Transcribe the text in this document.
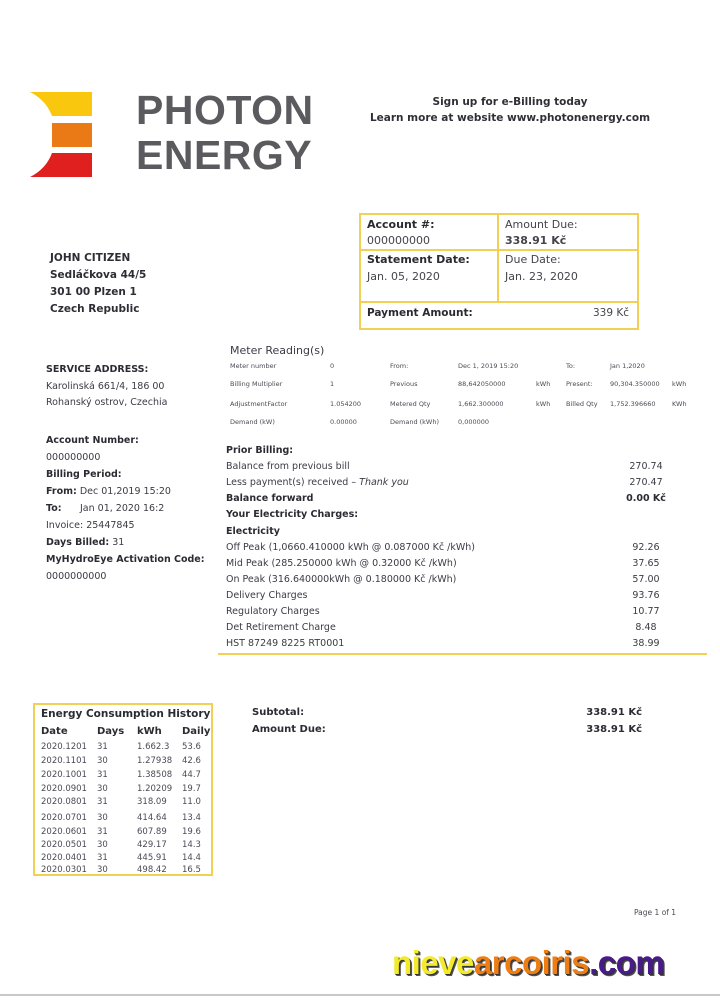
PHOTON
ENERGY
Sign up for e-Billing today
Learn more at website www.photonenergy.com
Account #:
000000000
Amount Due:
338.91 Kč
Statement Date:
Jan. 05, 2020
Due Date:
Jan. 23, 2020
Payment Amount:	339 Kč
JOHN CITIZEN
Sedláčkova 44/5
301 00 Plzen 1
Czech Republic
SERVICE ADDRESS:
Karolinská 661/4, 186 00
Rohanský ostrov, Czechia
Account Number:
000000000
Billing Period:
From: Dec 01,2019 15:20
To: Jan 01, 2020 16:2
Invoice: 25447845
Days Billed: 31
MyHydroEye Activation Code:
0000000000
Meter Reading(s)
Meter number	0	From:	Dec 1, 2019 15:20	To:	Jan 1,2020
Billing Multiplier	1	Previous	88,642050000	kWh Present:	90,304.350000 kWh
AdjustmentFactor	1.054200	Metered Qty	1,662.300000	kWh Billed Qty 1,752.396660	KWh
Demand (kW)	0.00000	Demand (kWh)	0,000000
Prior Billing:
Balance from previous bill	270.74
Less payment(s) received – Thank you	270.47
Balance forward	0.00 Kč
Your Electricity Charges:
Electricity
Off Peak (1,0660.410000 kWh @ 0.087000 Kč /kWh)	92.26
Mid Peak (285.250000 kWh @ 0.32000 Kč /kWh)	37.65
On Peak (316.640000kWh @ 0.180000 Kč /kWh)	57.00
Delivery Charges	93.76
Regulatory Charges	10.77
Det Retirement Charge	8.48
HST 87249 8225 RT0001	38.99
Energy Consumption History
Date	Days kWh Daily
2020.1201 31	1.662.3 53.6
2020.1101 30	1.27938 42.6
2020.1001 31	1.38508 44.7
2020.0901 30	1.20209 19.7
2020.0801 31	318.09 11.0
2020.0701 30	414.64 13.4
2020.0601 31	607.89 19.6
2020.0501 30	429.17 14.3
2020.0401 31	445.91 14.4
2020.0301 30	498.42 16.5
Subtotal:	338.91 Kč
Amount Due:	338.91 Kč
Page 1 of 1
nievearcoiris.com
